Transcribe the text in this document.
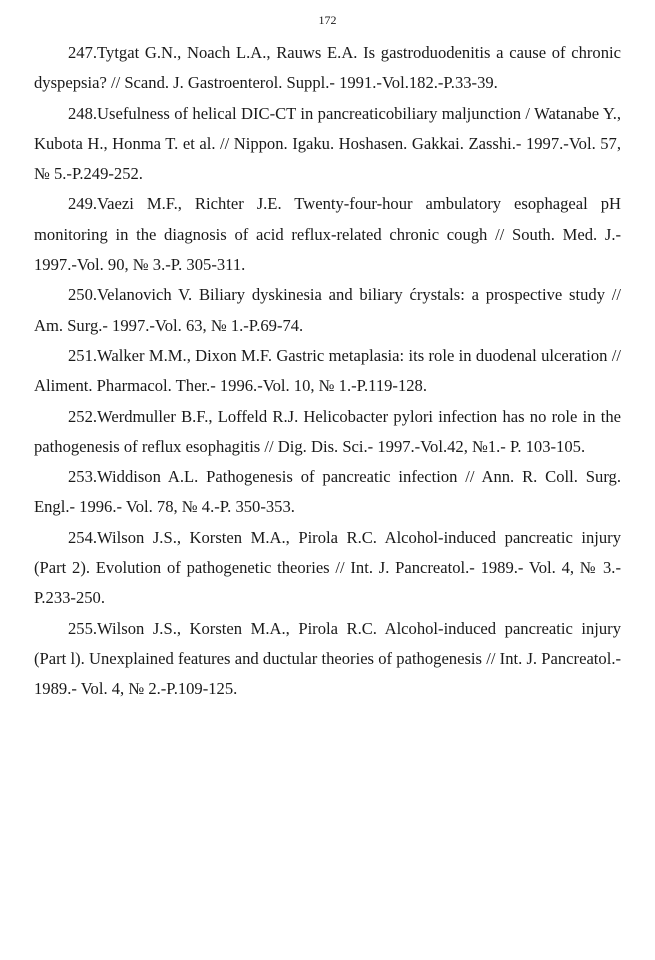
172

247.Tytgat G.N., Noach L.A., Rauws E.A. Is gastroduodenitis a cause of chronic dyspepsia? // Scand. J. Gastroenterol. Suppl.- 1991.-Vol.182.-P.33-39.

248.Usefulness of helical DIC-CT in pancreaticobiliary maljunction / Watanabe Y., Kubota H., Honma T. et al. // Nippon. Igaku. Hoshasen. Gakkai. Zasshi.- 1997.-Vol. 57, № 5.-P.249-252.

249.Vaezi M.F., Richter J.E. Twenty-four-hour ambulatory esophageal pH monitoring in the diagnosis of acid reflux-related chronic cough // South. Med. J.- 1997.-Vol. 90, № 3.-P. 305-311.

250.Velanovich V. Biliary dyskinesia and biliary ćrystals: a prospective study // Am. Surg.- 1997.-Vol. 63, № 1.-P.69-74.

251.Walker M.M., Dixon M.F. Gastric metaplasia: its role in duodenal ulceration // Aliment. Pharmacol. Ther.- 1996.-Vol. 10, № 1.-P.119-128.

252.Werdmuller B.F., Loffeld R.J. Helicobacter pylori infection has no role in the pathogenesis of reflux esophagitis // Dig. Dis. Sci.- 1997.-Vol.42, №1.- P. 103-105.

253.Widdison A.L. Pathogenesis of pancreatic infection // Ann. R. Coll. Surg. Engl.- 1996.- Vol. 78, № 4.-P. 350-353.

254.Wilson J.S., Korsten M.A., Pirola R.C. Alcohol-induced pancreatic injury (Part 2). Evolution of pathogenetic theories // Int. J. Pancreatol.- 1989.- Vol. 4, № 3.-P.233-250.

255.Wilson J.S., Korsten M.A., Pirola R.C. Alcohol-induced pancreatic injury (Part l). Unexplained features and ductular theories of pathogenesis // Int. J. Pancreatol.- 1989.- Vol. 4, № 2.-P.109-125.
